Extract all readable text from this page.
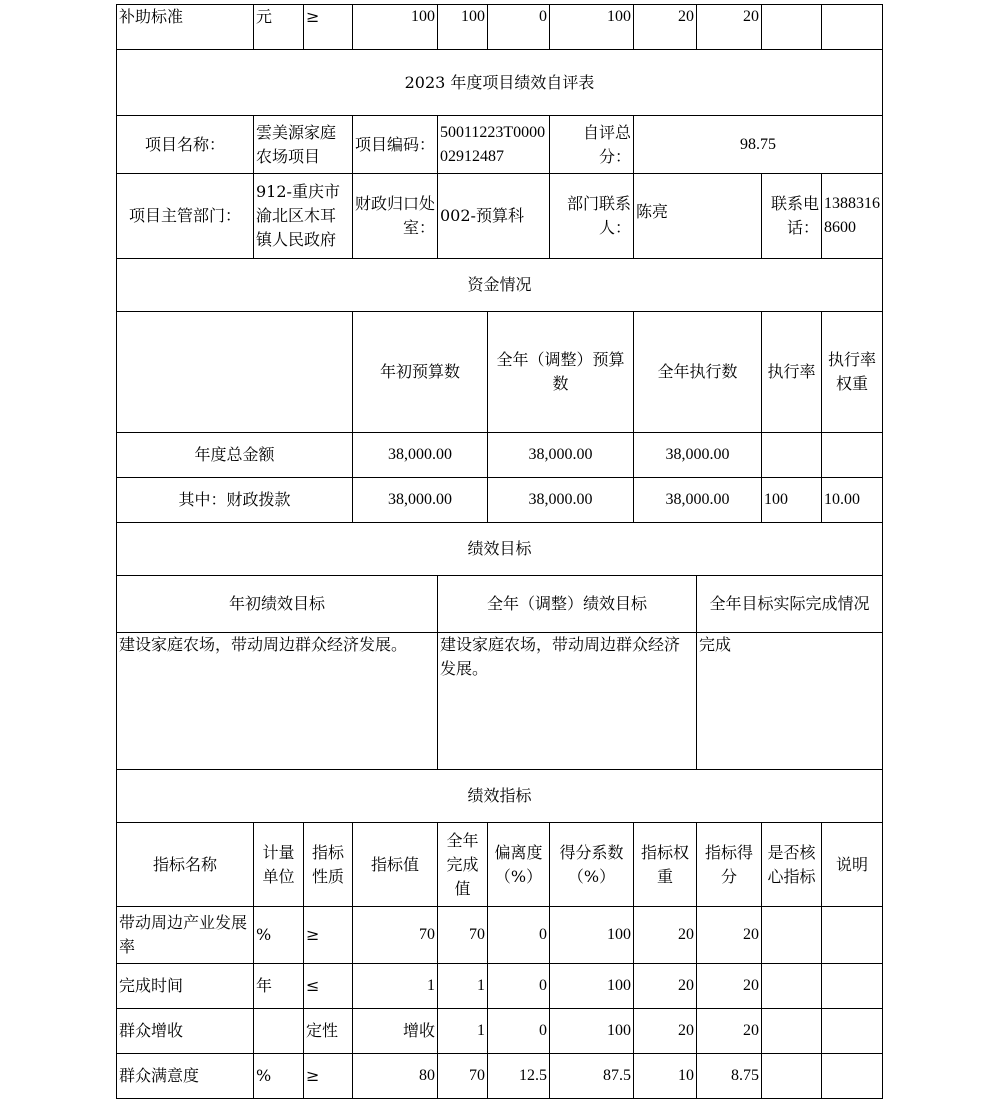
补助标准	元	≥	100	100	0	100	20	20			
2023 年度项目绩效自评表											
项目名称：	雲美源家庭农场项目		项目编码：	50011223T000002912487		自评总分：	98.75				
项目主管部门：	912-重庆市渝北区木耳镇人民政府		财政归口处室：	002-预算科		部门联系人：	陈亮		联系电话：	13883168600	
资金情况											
			年初预算数		全年（调整）预算数		全年执行数		执行率	执行率权重	
年度总金额			38,000.00		38,000.00		38,000.00				
其中：财政拨款			38,000.00		38,000.00		38,000.00		100	10.00	
绩效目标											
年初绩效目标				全年（调整）绩效目标				全年目标实际完成情况			
建设家庭农场，带动周边群众经济发展。				建设家庭农场，带动周边群众经济发展。				完成			
绩效指标											
指标名称	计量单位	指标性质	指标值	全年完成值	偏离度（%）	得分系数（%）	指标权重	指标得分	是否核心指标	说明	
带动周边产业发展率	%	≥	70	70	0	100	20	20			
完成时间	年	≤	1	1	0	100	20	20			
群众增收		定性	增收	1	0	100	20	20			
群众满意度	%	≥	80	70	12.5	87.5	10	8.75			
